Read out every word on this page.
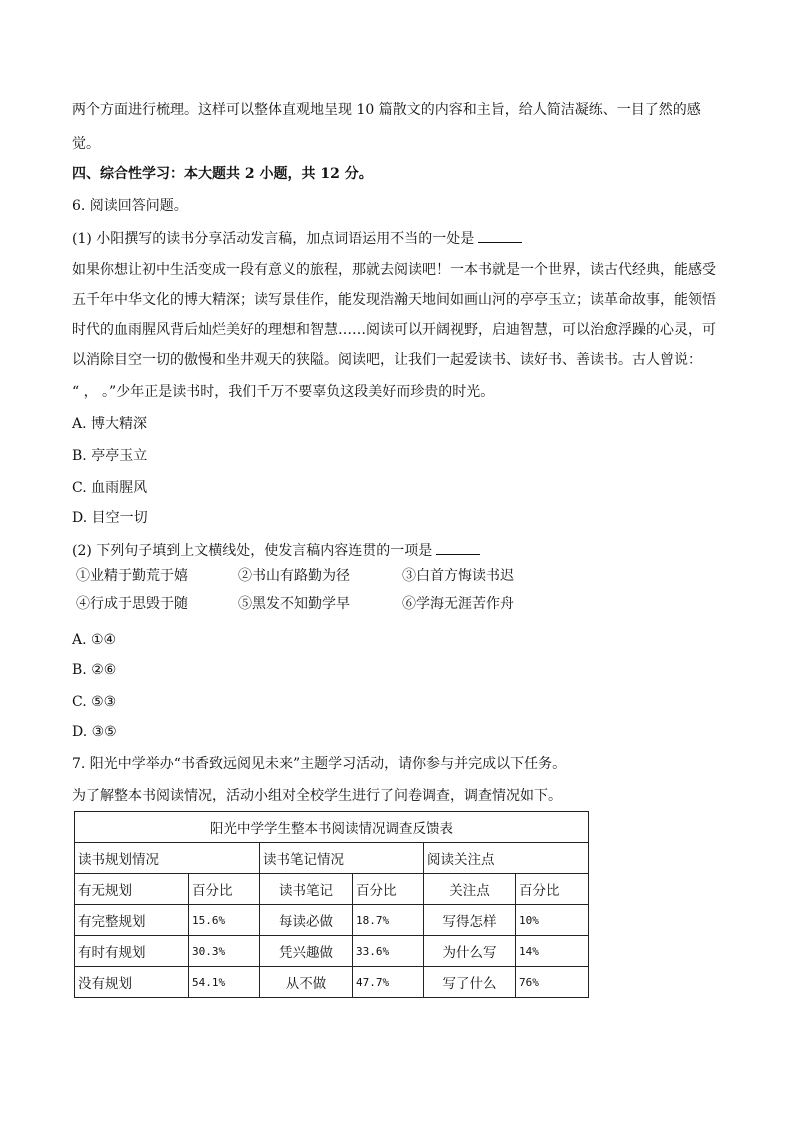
两个方面进行梳理。这样可以整体直观地呈现 10 篇散文的内容和主旨，给人简洁凝练、一目了然的感
觉。
四、综合性学习：本大题共 2 小题，共 12 分。
6. 阅读回答问题。
(1) 小阳撰写的读书分享活动发言稿，加点词语运用不当的一处是
如果你想让初中生活变成一段有意义的旅程，那就去阅读吧！一本书就是一个世界，读古代经典，能感受
五千年中华文化的博大精深；读写景佳作，能发现浩瀚天地间如画山河的亭亭玉立；读革命故事，能领悟
时代的血雨腥风背后灿烂美好的理想和智慧……阅读可以开阔视野，启迪智慧，可以治愈浮躁的心灵，可
以消除目空一切的傲慢和坐井观天的狭隘。阅读吧，让我们一起爱读书、读好书、善读书。古人曾说：
“ ， 。”少年正是读书时，我们千万不要辜负这段美好而珍贵的时光。
A. 博大精深
B. 亭亭玉立
C. 血雨腥风
D. 目空一切
(2) 下列句子填到上文横线处，使发言稿内容连贯的一项是
①业精于勤荒于嬉	②书山有路勤为径	③白首方悔读书迟
④行成于思毁于随	⑤黑发不知勤学早	⑥学海无涯苦作舟
A. ①④
B. ②⑥
C. ⑤③
D. ③⑤
7. 阳光中学举办“书香致远阅见未来”主题学习活动，请你参与并完成以下任务。
为了解整本书阅读情况，活动小组对全校学生进行了问卷调查，调查情况如下。
阳光中学学生整本书阅读情况调查反馈表					
读书规划情况		读书笔记情况		阅读关注点	
有无规划	百分比	读书笔记	百分比	关注点	百分比
有完整规划	15.6%	每读必做	18.7%	写得怎样	10%
有时有规划	30.3%	凭兴趣做	33.6%	为什么写	14%
没有规划	54.1%	从不做	47.7%	写了什么	76%
